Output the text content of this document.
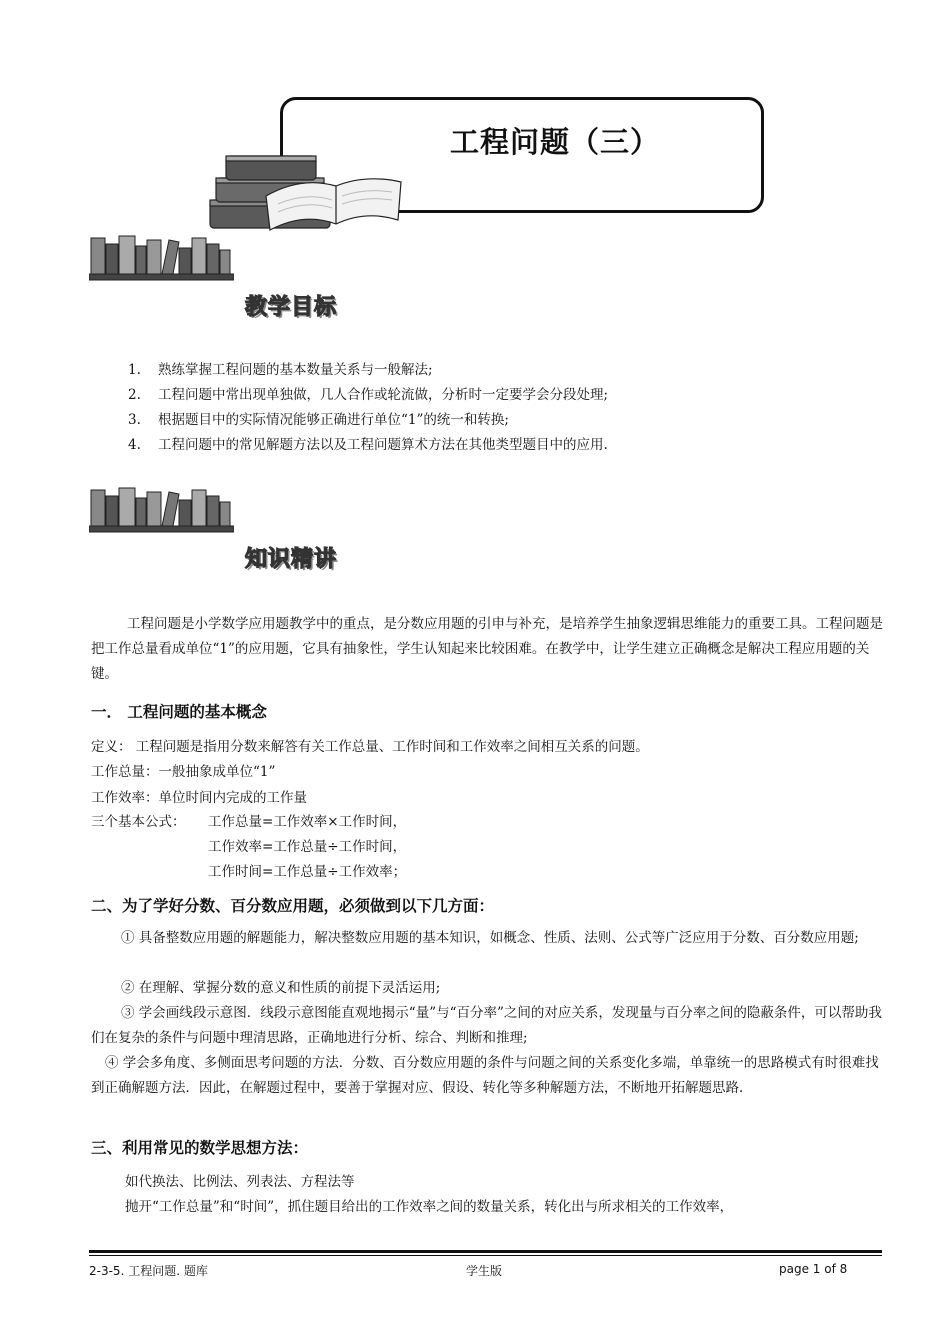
工程问题（三）
教学目标
1.	熟练掌握工程问题的基本数量关系与一般解法;
2.	工程问题中常出现单独做，几人合作或轮流做，分析时一定要学会分段处理;
3.	根据题目中的实际情况能够正确进行单位“1”的统一和转换;
4.	工程问题中的常见解题方法以及工程问题算术方法在其他类型题目中的应用.
知识精讲
工程问题是小学数学应用题教学中的重点，是分数应用题的引申与补充，是培养学生抽象逻辑思维能力的重要工具。工程问题是把工作总量看成单位“1”的应用题，它具有抽象性，学生认知起来比较困难。在教学中，让学生建立正确概念是解决工程应用题的关键。
一． 工程问题的基本概念
定义： 工程问题是指用分数来解答有关工作总量、工作时间和工作效率之间相互关系的问题。
工作总量：一般抽象成单位“1”
工作效率：单位时间内完成的工作量
三个基本公式： 工作总量=工作效率×工作时间，
工作效率=工作总量÷工作时间，
工作时间=工作总量÷工作效率；
二、为了学好分数、百分数应用题，必须做到以下几方面：
① 具备整数应用题的解题能力，解决整数应用题的基本知识，如概念、性质、法则、公式等广泛应用于分数、百分数应用题;
② 在理解、掌握分数的意义和性质的前提下灵活运用;
③ 学会画线段示意图．线段示意图能直观地揭示“量”与“百分率”之间的对应关系，发现量与百分率之间的隐蔽条件，可以帮助我们在复杂的条件与问题中理清思路，正确地进行分析、综合、判断和推理;
④ 学会多角度、多侧面思考问题的方法．分数、百分数应用题的条件与问题之间的关系变化多端，单靠统一的思路模式有时很难找到正确解题方法．因此，在解题过程中，要善于掌握对应、假设、转化等多种解题方法，不断地开拓解题思路．
三、利用常见的数学思想方法：
如代换法、比例法、列表法、方程法等
抛开“工作总量”和“时间”，抓住题目给出的工作效率之间的数量关系，转化出与所求相关的工作效率，
2-3-5. 工程问题. 题库	学生版	page 1 of 8
